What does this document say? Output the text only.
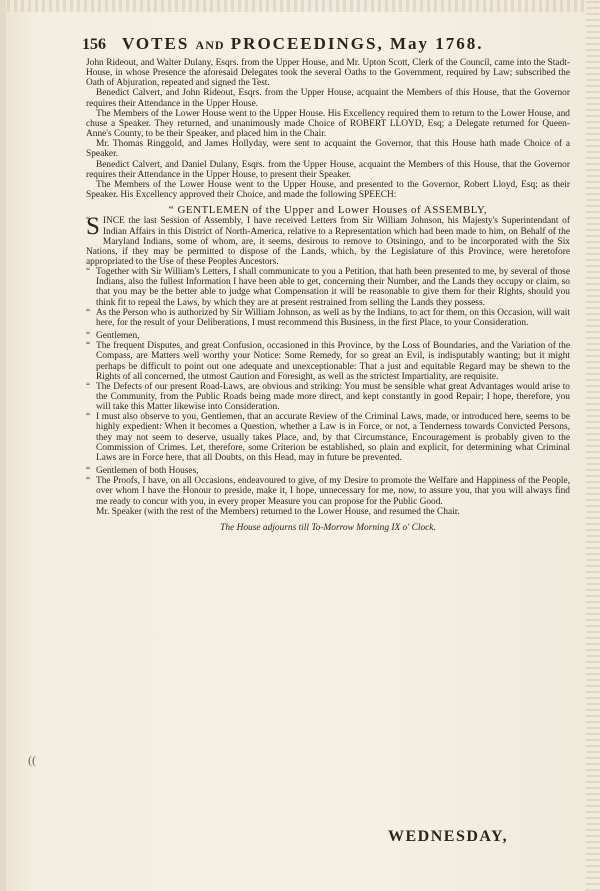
156 VOTES AND PROCEEDINGS, May 1768.

John Rideout, and Walter Dulany, Esqrs. from the Upper House, and Mr. Upton Scott, Clerk of the Council, came into the Stadt-House, in whose Presence the aforesaid Delegates took the several Oaths to the Government, required by Law; subscribed the Oath of Abjuration, repeated and signed the Test.

Benedict Calvert, and John Rideout, Esqrs. from the Upper House, acquaint the Members of this House, that the Governor requires their Attendance in the Upper House.

The Members of the Lower House went to the Upper House. His Excellency required them to return to the Lower House, and chuse a Speaker. They returned, and unanimously made Choice of ROBERT LLOYD, Esq; a Delegate returned for Queen-Anne's County, to be their Speaker, and placed him in the Chair.

Mr. Thomas Ringgold, and James Hollyday, were sent to acquaint the Governor, that this House hath made Choice of a Speaker.

Benedict Calvert, and Daniel Dulany, Esqrs. from the Upper House, acquaint the Members of this House, that the Governor requires their Attendance in the Upper House, to present their Speaker.

The Members of the Lower House went to the Upper House, and presented to the Governor, Robert Lloyd, Esq; as their Speaker. His Excellency approved their Choice, and made the following SPEECH:

“ GENTLEMEN of the Upper and Lower Houses of ASSEMBLY,

“ SINCE the last Session of Assembly, I have received Letters from Sir William Johnson, his Majesty's Superintendant of Indian Affairs in this District of North-America, relative to a Representation which had been made to him, on Behalf of the Maryland Indians, some of whom, are, it seems, desirous to remove to Otsiningo, and to be incorporated with the Six Nations, if they may be permitted to dispose of the Lands, which, by the Legislature of this Province, were heretofore appropriated to the Use of these Peoples Ancestors.

“ Together with Sir William's Letters, I shall communicate to you a Petition, that hath been presented to me, by several of those Indians, also the fullest Information I have been able to get, concerning their Number, and the Lands they occupy or claim, so that you may be the better able to judge what Compensation it will be reasonable to give them for their Rights, should you think fit to repeal the Laws, by which they are at present restrained from selling the Lands they possess.

“ As the Person who is authorized by Sir William Johnson, as well as by the Indians, to act for them, on this Occasion, will wait here, for the result of your Deliberations, I must recommend this Business, in the first Place, to your Consideration.

“ Gentlemen,

“ The frequent Disputes, and great Confusion, occasioned in this Province, by the Loss of Boundaries, and the Variation of the Compass, are Matters well worthy your Notice: Some Remedy, for so great an Evil, is indisputably wanting; but it might perhaps be difficult to point out one adequate and unexceptionable: That a just and equitable Regard may be shewn to the Rights of all concerned, the utmost Caution and Foresight, as well as the strictest Impartiality, are requisite.

“ The Defects of our present Road-Laws, are obvious and striking: You must be sensible what great Advantages would arise to the Community, from the Public Roads being made more direct, and kept constantly in good Repair; I hope, therefore, you will take this Matter likewise into Consideration.

“ I must also observe to you, Gentlemen, that an accurate Review of the Criminal Laws, made, or introduced here, seems to be highly expedient: When it becomes a Question, whether a Law is in Force, or not, a Tenderness towards Convicted Persons, they may not seem to deserve, usually takes Place, and, by that Circumstance, Encouragement is probably given to the Commission of Crimes. Let, therefore, some Criterion be established, so plain and explicit, for determining what Criminal Laws are in Force here, that all Doubts, on this Head, may in future be prevented.

“ Gentlemen of both Houses,

“ The Proofs, I have, on all Occasions, endeavoured to give, of my Desire to promote the Welfare and Happiness of the People, over whom I have the Honour to preside, make it, I hope, unnecessary for me, now, to assure you, that you will always find me ready to concur with you, in every proper Measure you can propose for the Public Good.

Mr. Speaker (with the rest of the Members) returned to the Lower House, and resumed the Chair.

The House adjourns till To-Morrow Morning IX o' Clock.

((
WEDNESDAY,
